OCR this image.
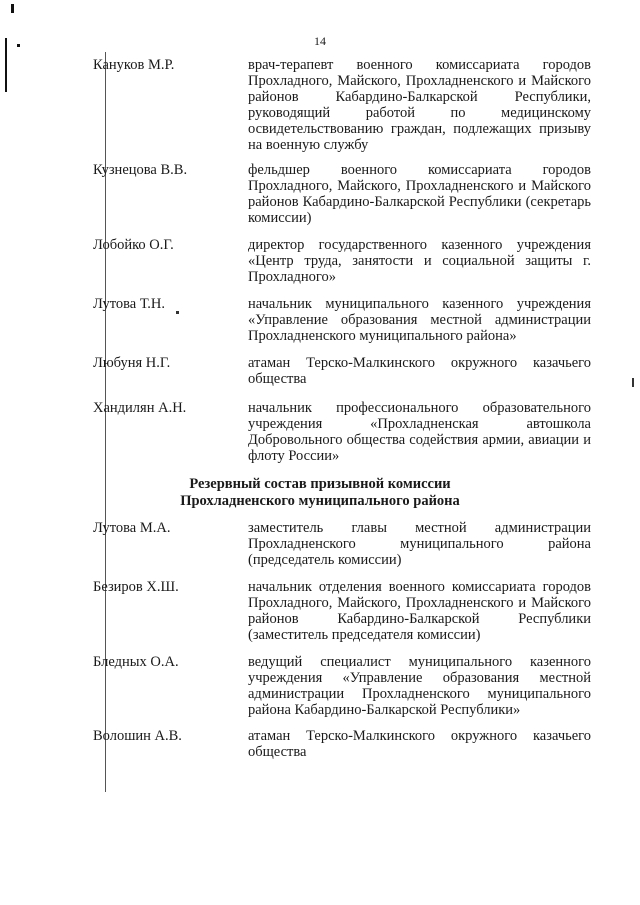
14
Кануков М.Р.	врач-терапевт военного комиссариата городов Прохладного, Майского, Прохладненского и Майского районов Кабардино-Балкарской Республики, руководящий работой по медицинскому освидетельствованию граждан, подлежащих призыву на военную службу
Кузнецова В.В.	фельдшер военного комиссариата городов Прохладного, Майского, Прохладненского и Майского районов Кабардино-Балкарской Республики (секретарь комиссии)
Лобойко О.Г.	директор государственного казенного учреждения «Центр труда, занятости и социальной защиты г. Прохладного»
Лутова Т.Н.	начальник муниципального казенного учреждения «Управление образования местной администрации Прохладненского муниципального района»
Любуня Н.Г.	атаман Терско-Малкинского окружного казачьего общества
Хандилян А.Н.	начальник профессионального образовательного учреждения «Прохладненская автошкола Добровольного общества содействия армии, авиации и флоту России»
Резервный состав призывной комиссии
Прохладненского муниципального района
Лутова М.А.	заместитель главы местной администрации Прохладненского муниципального района (председатель комиссии)
Безиров Х.Ш.	начальник отделения военного комиссариата городов Прохладного, Майского, Прохладненского и Майского районов Кабардино-Балкарской Республики (заместитель председателя комиссии)
Бледных О.А.	ведущий специалист муниципального казенного учреждения «Управление образования местной администрации Прохладненского муниципального района Кабардино-Балкарской Республики»
Волошин А.В.	атаман Терско-Малкинского окружного казачьего общества
